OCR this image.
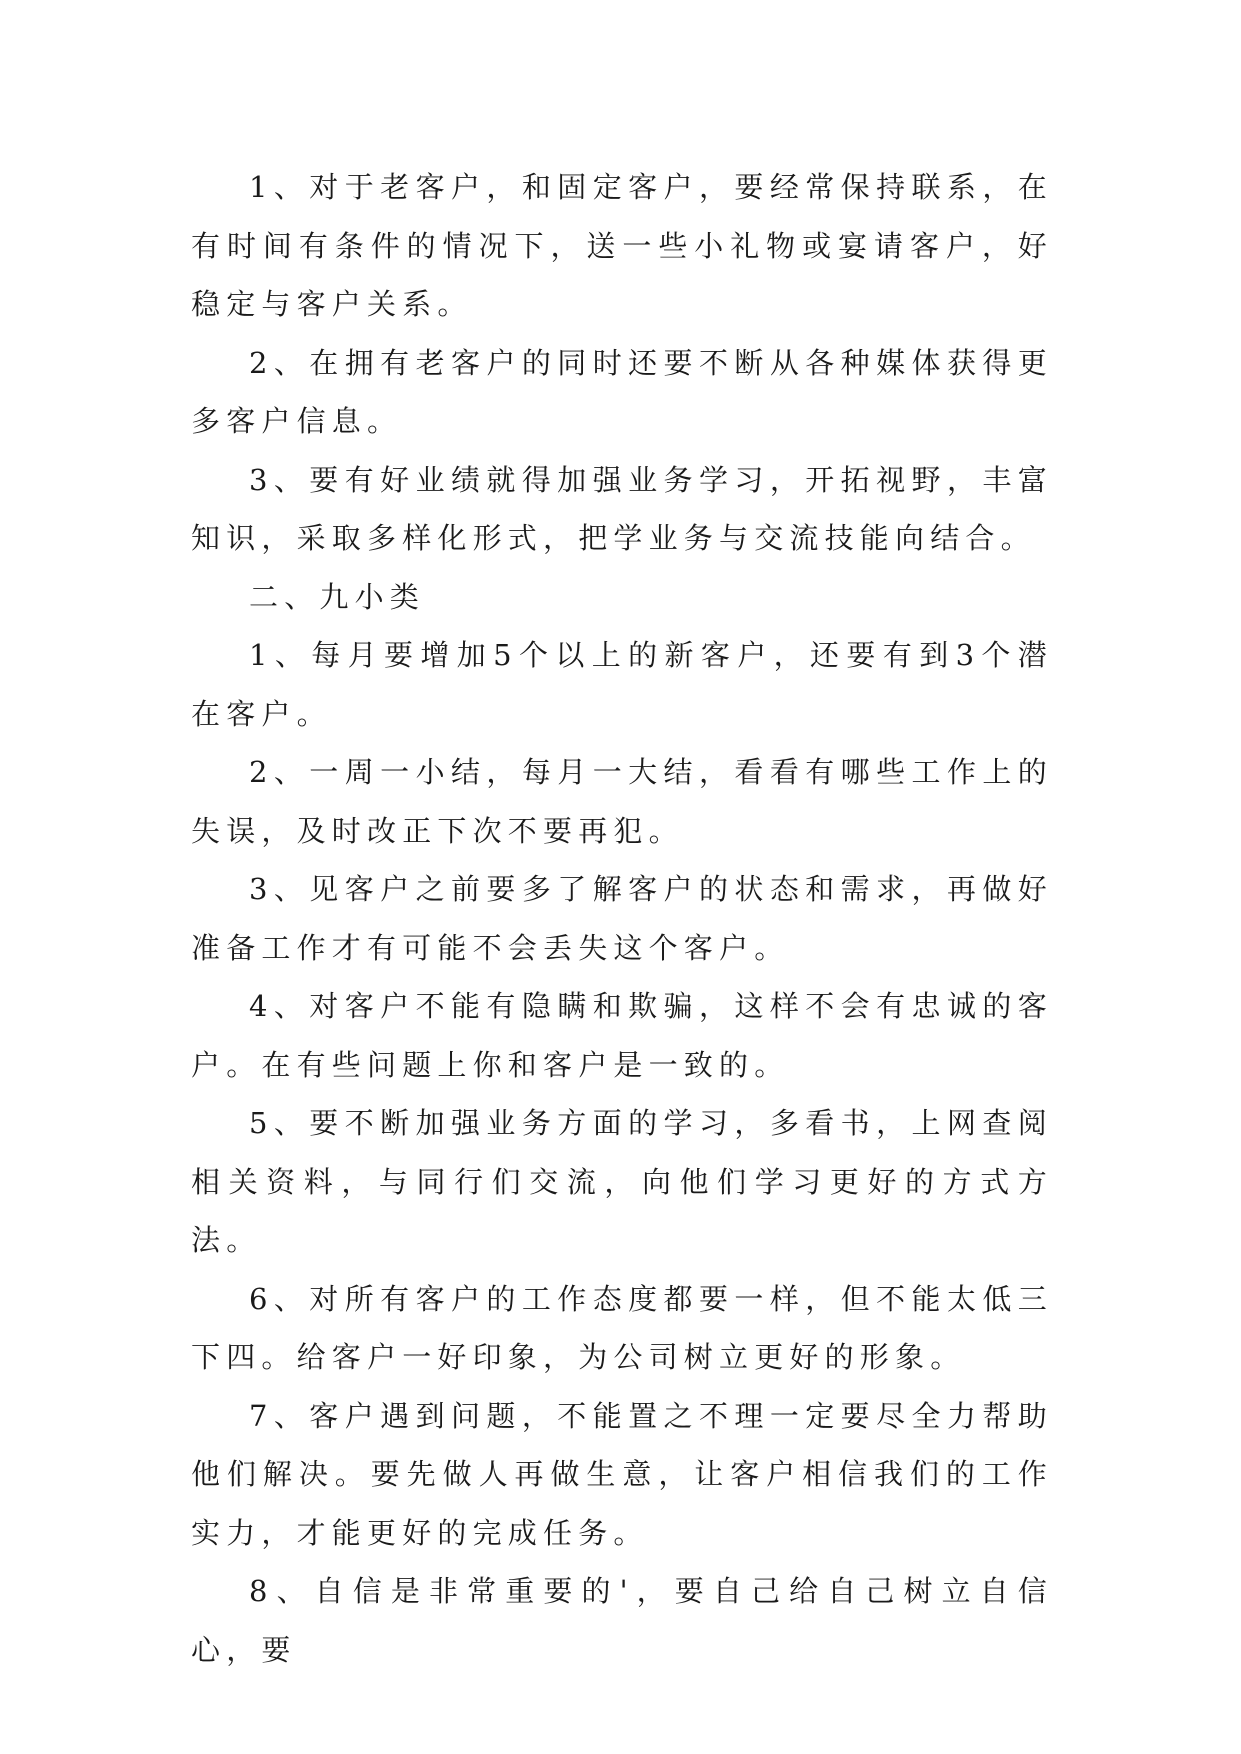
1、对于老客户，和固定客户，要经常保持联系，在有时间有条件的情况下，送一些小礼物或宴请客户，好稳定与客户关系。

2、在拥有老客户的同时还要不断从各种媒体获得更多客户信息。

3、要有好业绩就得加强业务学习，开拓视野，丰富知识，采取多样化形式，把学业务与交流技能向结合。

二、九小类

1、每月要增加5个以上的新客户，还要有到3个潜在客户。

2、一周一小结，每月一大结，看看有哪些工作上的失误，及时改正下次不要再犯。

3、见客户之前要多了解客户的状态和需求，再做好准备工作才有可能不会丢失这个客户。

4、对客户不能有隐瞒和欺骗，这样不会有忠诚的客户。在有些问题上你和客户是一致的。

5、要不断加强业务方面的学习，多看书，上网查阅相关资料，与同行们交流，向他们学习更好的方式方法。

6、对所有客户的工作态度都要一样，但不能太低三下四。给客户一好印象，为公司树立更好的形象。

7、客户遇到问题，不能置之不理一定要尽全力帮助他们解决。要先做人再做生意，让客户相信我们的工作实力，才能更好的完成任务。

8、自信是非常重要的'，要自己给自己树立自信心，要
